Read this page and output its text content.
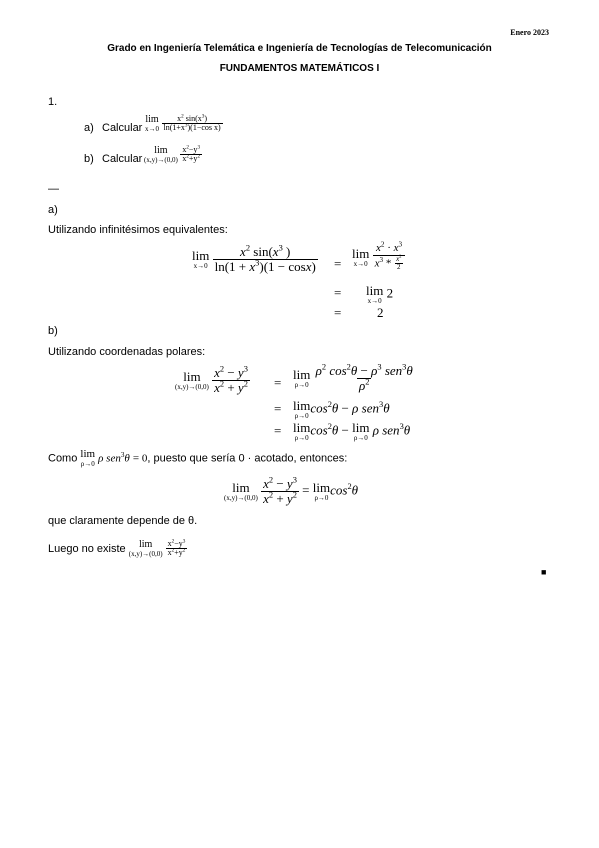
Enero 2023
Grado en Ingeniería Telemática e Ingeniería de Tecnologías de Telecomunicación
FUNDAMENTOS MATEMÁTICOS I
1.
a) Calcular
lim
x→0
$\frac{x^2 \sin(x^3)}{\ln(1+x^3)(1-\cos x)}$
b) Calcular
lim
(x,y)→(0,0)
$\frac{x^2-y^3}{x^2+y^2}$
—
a)
Utilizando infinitésimos equivalentes:
lim
x→0
$\frac{x^2 \sin(x^3 )}{\ln(1 + x^3)(1 - \cos x)}$ =
lim
x→0
$\frac{x^2 \cdot x^3}{x^3 * \frac{x^2}{2}}$
= lim
x→0
2
=	2
b)
Utilizando coordenadas polares:
lim
(x,y)→(0,0)
$\frac{x^2 - y^3}{x^2 + y^2}$ =
lim
ρ→0
$\frac{\rho^2 \cos^2\theta - \rho^3 sen^3\theta}{\rho^2}$
= lim
ρ→0
$\cos^2\theta - \rho$ sen$^3$θ
= lim
ρ→0
$\cos^2\theta - \lim$
ρ→0
ρ sen$^3$θ
Como lim
ρ→0 ρ sen$^3$θ = 0, puesto que sería 0 · acotado, entonces:
lim
(x,y)→(0,0)
$\frac{x^2 - y^3}{x^2 + y^2} = \lim$
ρ→0
$\cos^2\theta$
que claramente depende de θ.
Luego no existe lim
(x,y)→(0,0)
$\frac{x^2-y^3}{x^2+y^2}$
■
